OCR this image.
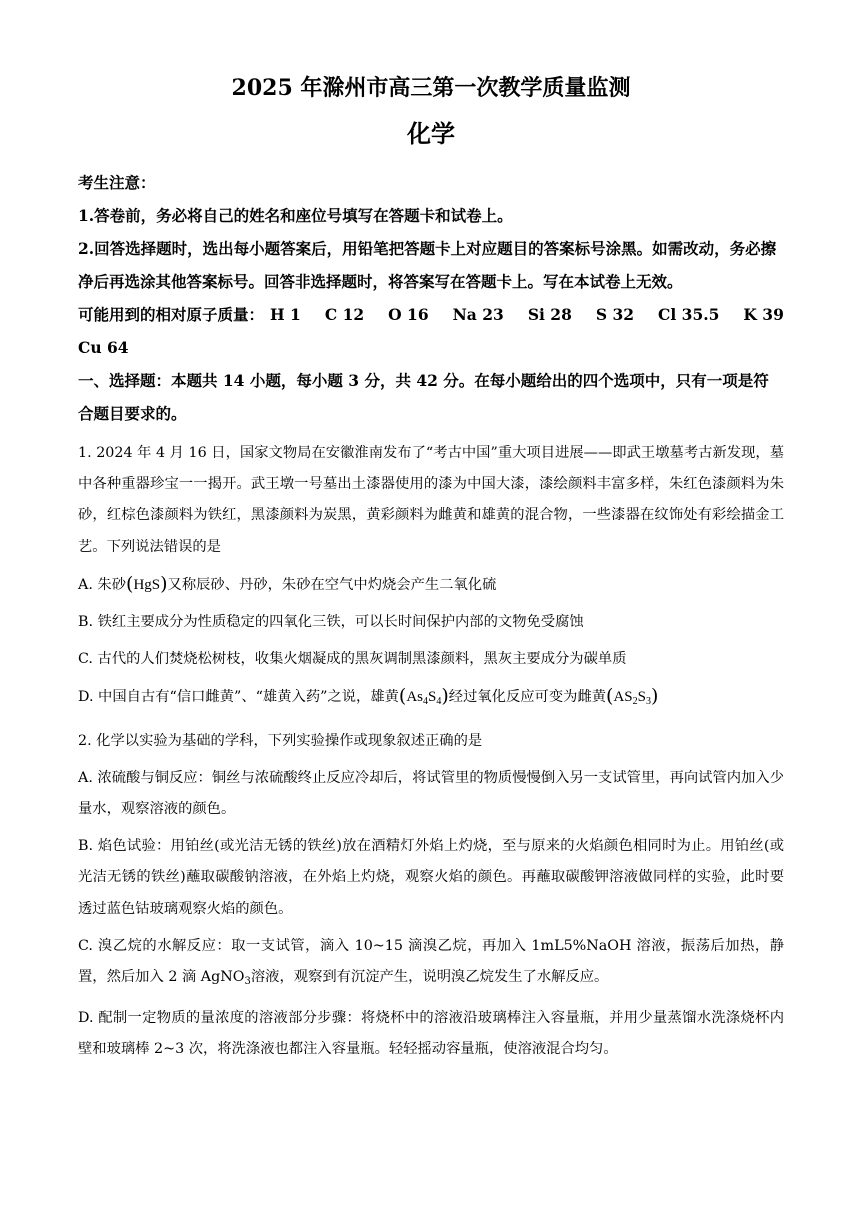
2025 年滁州市高三第一次教学质量监测
化学

考生注意：

1.答卷前，务必将自己的姓名和座位号填写在答题卡和试卷上。

2.回答选择题时，选出每小题答案后，用铅笔把答题卡上对应题目的答案标号涂黑。如需改动，务必擦净后再选涂其他答案标号。回答非选择题时，将答案写在答题卡上。写在本试卷上无效。

可能用到的相对原子质量： H 1 C 12 O 16 Na 23 Si 28 S 32 Cl 35.5 K 39

Cu 64

一、选择题：本题共 14 小题，每小题 3 分，共 42 分。在每小题给出的四个选项中，只有一项是符合题目要求的。

1. 2024 年 4 月 16 日，国家文物局在安徽淮南发布了“考古中国”重大项目进展——即武王墩墓考古新发现，墓中各种重器珍宝一一揭开。武王墩一号墓出土漆器使用的漆为中国大漆，漆绘颜料丰富多样，朱红色漆颜料为朱砂，红棕色漆颜料为铁红，黑漆颜料为炭黑，黄彩颜料为雌黄和雄黄的混合物，一些漆器在纹饰处有彩绘描金工艺。下列说法错误的是

A. 朱砂(HgS)又称辰砂、丹砂，朱砂在空气中灼烧会产生二氧化硫

B. 铁红主要成分为性质稳定的四氧化三铁，可以长时间保护内部的文物免受腐蚀

C. 古代的人们焚烧松树枝，收集火烟凝成的黑灰调制黑漆颜料，黑灰主要成分为碳单质

D. 中国自古有“信口雌黄”、“雄黄入药”之说，雄黄$(As_4S_4)$经过氧化反应可变为雌黄$(AS_2S_3)$

2. 化学以实验为基础的学科，下列实验操作或现象叙述正确的是

A. 浓硫酸与铜反应：铜丝与浓硫酸终止反应冷却后，将试管里的物质慢慢倒入另一支试管里，再向试管内加入少量水，观察溶液的颜色。

B. 焰色试验：用铂丝(或光洁无锈的铁丝)放在酒精灯外焰上灼烧，至与原来的火焰颜色相同时为止。用铂丝(或光洁无锈的铁丝)蘸取碳酸钠溶液，在外焰上灼烧，观察火焰的颜色。再蘸取碳酸钾溶液做同样的实验，此时要透过蓝色钴玻璃观察火焰的颜色。

C. 溴乙烷的水解反应：取一支试管，滴入 10~15 滴溴乙烷，再加入 1mL5%NaOH 溶液，振荡后加热，静置，然后加入 2 滴 AgNO$_3$溶液，观察到有沉淀产生，说明溴乙烷发生了水解反应。

D. 配制一定物质的量浓度的溶液部分步骤：将烧杯中的溶液沿玻璃棒注入容量瓶，并用少量蒸馏水洗涤烧杯内壁和玻璃棒 2~3 次，将洗涤液也都注入容量瓶。轻轻摇动容量瓶，使溶液混合均匀。
